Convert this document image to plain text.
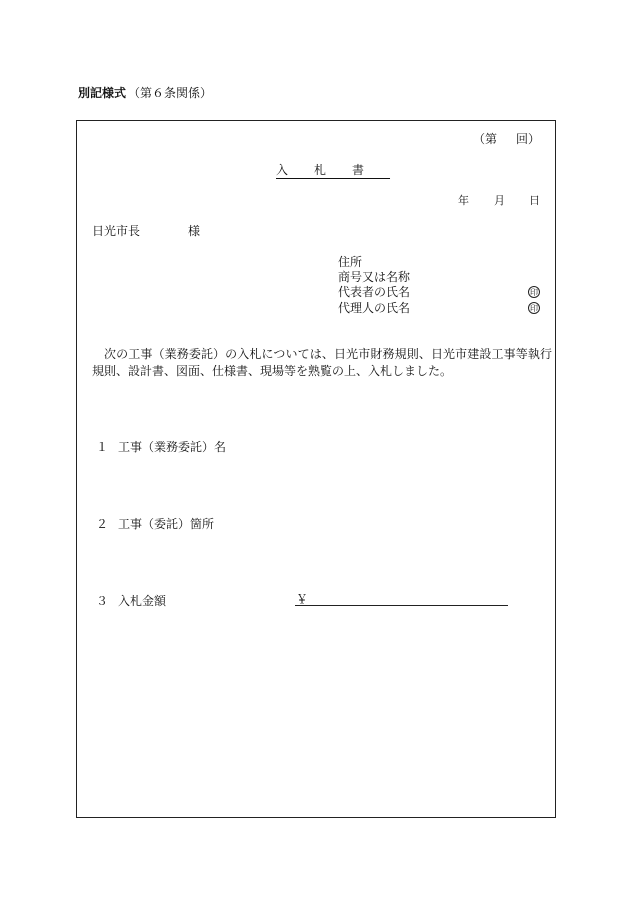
別記様式 （第６条関係）
（第 回）
入札書
年 月 日
日光市長	様
住所
商号又は名称
代表者の氏名
代理人の氏名
印
印
次の工事（業務委託）の入札については、日光市財務規則、日光市建設工事等執行規則、設計書、図面、仕様書、現場等を熟覧の上、入札しました。
１ 工事（業務委託）名
２ 工事（委託）箇所
３ 入札金額	￥
